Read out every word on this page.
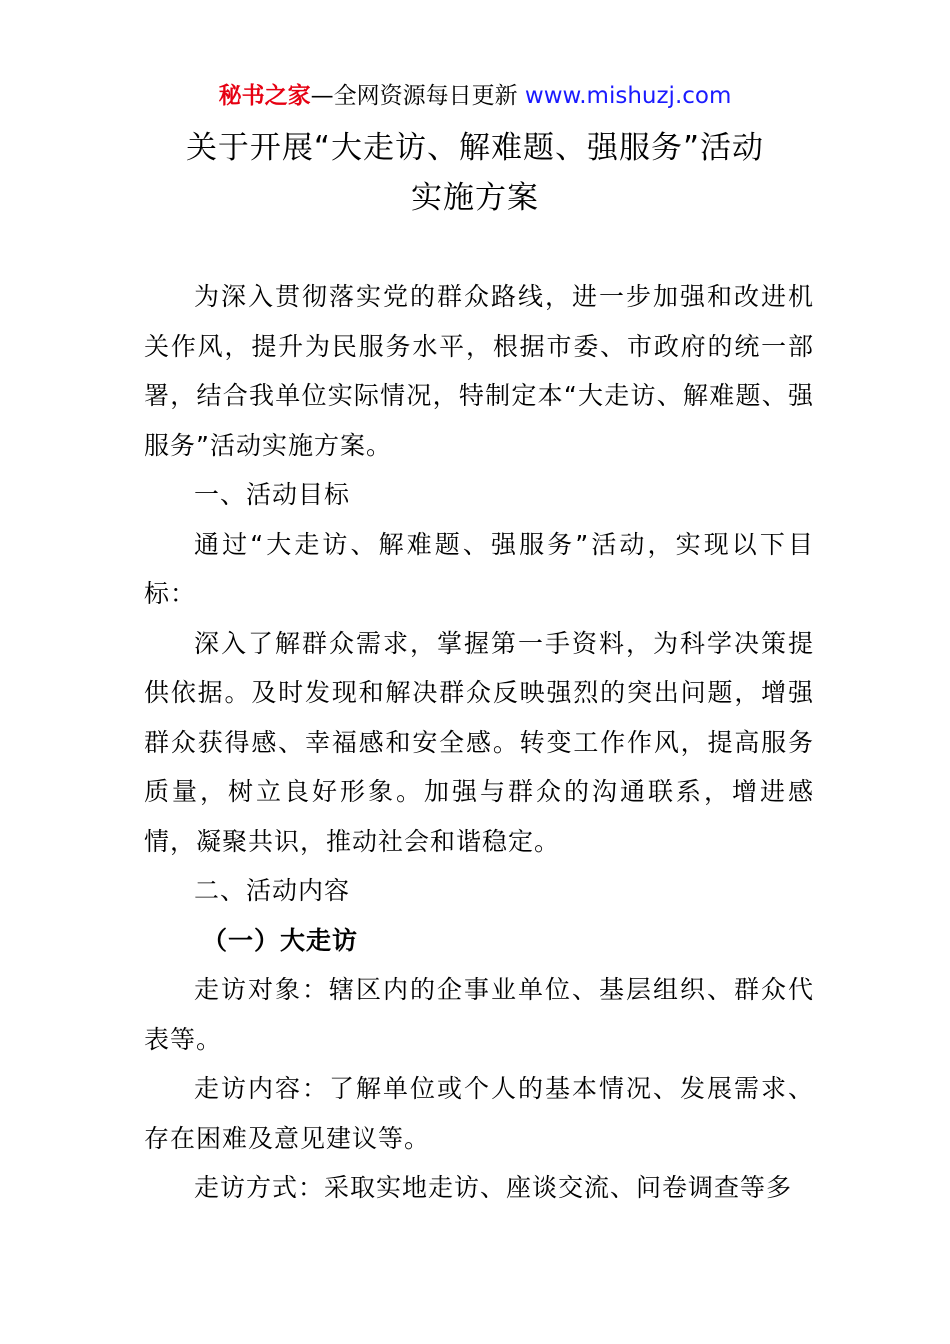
秘书之家—全网资源每日更新 www.mishuzj.com
关于开展“大走访、解难题、强服务”活动
实施方案

为深入贯彻落实党的群众路线，进一步加强和改进机关作风，提升为民服务水平，根据市委、市政府的统一部署，结合我单位实际情况，特制定本“大走访、解难题、强服务”活动实施方案。

一、活动目标

通过“大走访、解难题、强服务”活动，实现以下目标：

深入了解群众需求，掌握第一手资料，为科学决策提供依据。及时发现和解决群众反映强烈的突出问题，增强群众获得感、幸福感和安全感。转变工作作风，提高服务质量，树立良好形象。加强与群众的沟通联系，增进感情，凝聚共识，推动社会和谐稳定。

二、活动内容

（一）大走访

走访对象：辖区内的企事业单位、基层组织、群众代表等。

走访内容：了解单位或个人的基本情况、发展需求、存在困难及意见建议等。

走访方式：采取实地走访、座谈交流、问卷调查等多
